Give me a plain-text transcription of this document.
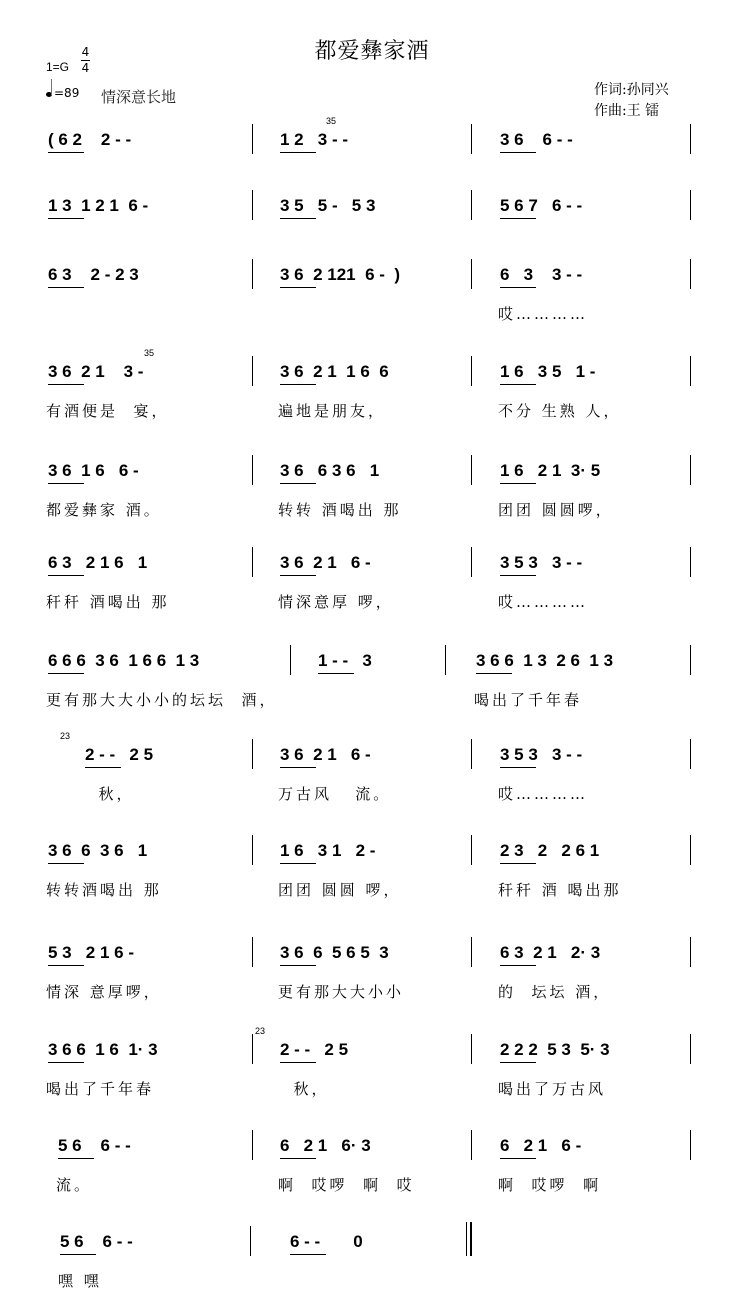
都爱彝家酒
1=G
4
4
=89 情深意长地	作词:孙同兴
作曲:王 镭
( 6 2    2 - -	1 2   3 - -
35
3 6    6 - -
1 3  1 2 1  6 -	3 5   5 -   5 3	5 6 7   6 - -
6 3    2 - 2 3	3 6  2 121  6 -  )	6   3    3 - -
哎…………
3 6  2 1    3 -
35
有酒便是  宴，
3 6  2 1  1 6  6
遍地是朋友，
1 6   3 5   1 -
不分 生熟 人，
3 6  1 6   6 -
都爱彝家 酒。
3 6   6 3 6   1
转转 酒喝出 那
1 6   2 1  3· 5
团团 圆圆啰，
6 3   2 1 6   1
秆秆 酒喝出 那
3 6  2 1   6 -
情深意厚 啰，
3 5 3   3 - -
哎…………
6 6 6  3 6  1 6 6  1 3
更有那大大小小的坛坛  酒，
1 - -   3	3 6 6  1 3  2 6  1 3
喝出了千年春
2 - -   2 5
23
秋，
3 6  2 1   6 -
万古风   流。
3 5 3   3 - -
哎…………
3 6  6  3 6   1
转转酒喝出 那
1 6   3 1   2 -
团团 圆圆 啰，
2 3   2   2 6 1
秆秆 酒 喝出那
5 3   2 1 6 -
情深 意厚啰，
3 6  6  5 6 5  3
更有那大大小小
6 3  2 1   2· 3
的  坛坛 酒，
3 6 6  1 6  1· 3
喝出了千年春
2 - -   2 5
23
秋，
2 2 2  5 3  5· 3
喝出了万古风
5 6    6 - -
流。
6   2 1   6· 3
啊  哎啰  啊  哎
6   2 1   6 -
啊  哎啰  啊
5 6    6 - -
嘿 嘿
6 - -       0
